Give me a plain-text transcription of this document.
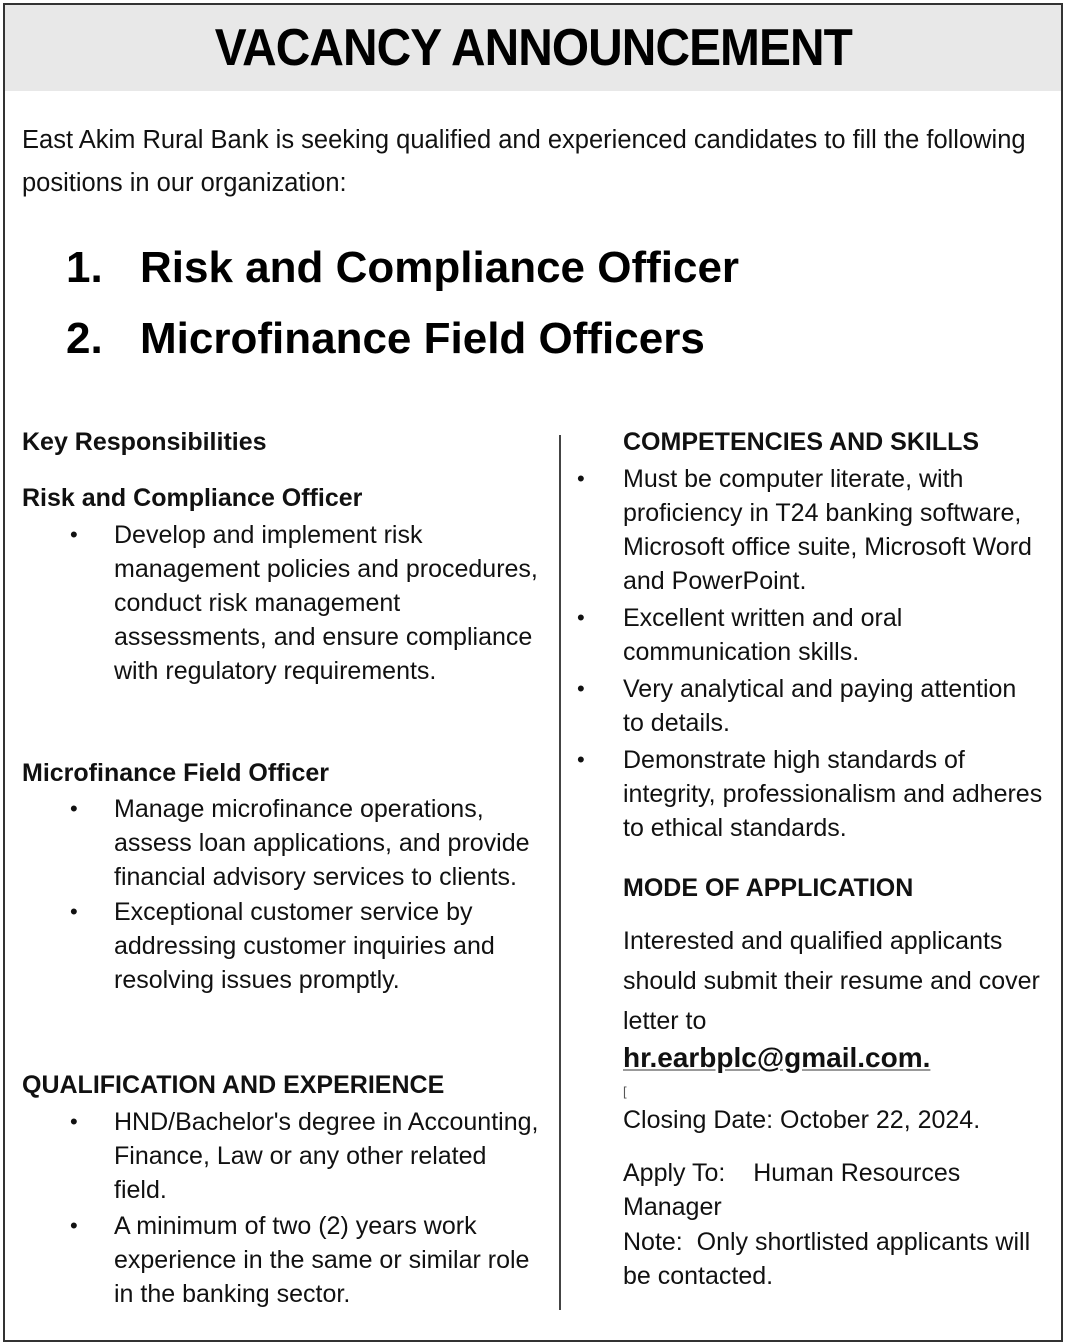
VACANCY ANNOUNCEMENT
East Akim Rural Bank is seeking qualified and experienced candidates to fill the following positions in our organization:
1. Risk and Compliance Officer
2. Microfinance Field Officers
Key Responsibilities
Risk and Compliance Officer
• Develop and implement risk management policies and procedures, conduct risk management assessments, and ensure compliance with regulatory requirements.
Microfinance Field Officer
• Manage microfinance operations, assess loan applications, and provide financial advisory services to clients.
• Exceptional customer service by addressing customer inquiries and resolving issues promptly.
QUALIFICATION AND EXPERIENCE
• HND/Bachelor's degree in Accounting, Finance, Law or any other related field.
• A minimum of two (2) years work experience in the same or similar role in the banking sector.
COMPETENCIES AND SKILLS
• Must be computer literate, with proficiency in T24 banking software, Microsoft office suite, Microsoft Word and PowerPoint.
• Excellent written and oral communication skills.
• Very analytical and paying attention to details.
• Demonstrate high standards of integrity, professionalism and adheres to ethical standards.
MODE OF APPLICATION
Interested and qualified applicants should submit their resume and cover letter to
hr.earbplc@gmail.com.
[
Closing Date: October 22, 2024.
Apply To: Human Resources Manager
Note:  Only shortlisted applicants will be contacted.
